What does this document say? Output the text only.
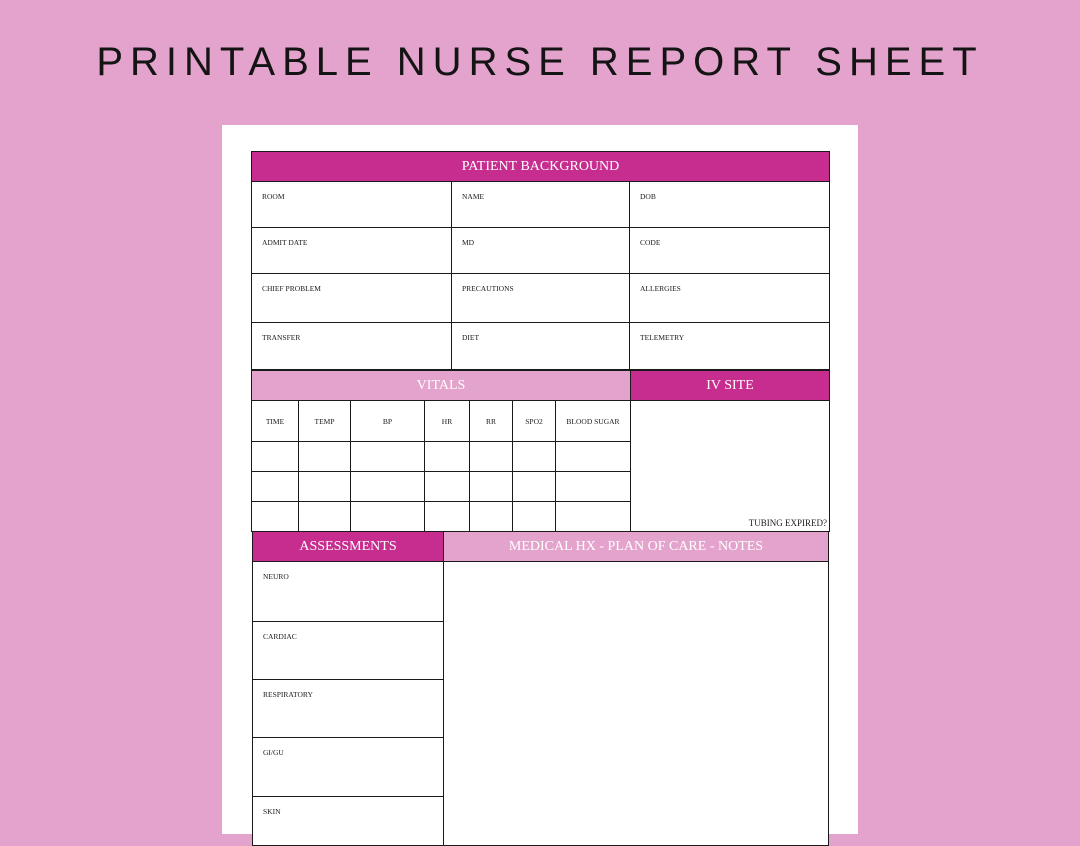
PRINTABLE NURSE REPORT SHEET
PATIENT BACKGROUND
ROOM	NAME	DOB
ADMIT DATE	MD	CODE
CHIEF PROBLEM	PRECAUTIONS	ALLERGIES
TRANSFER	DIET	TELEMETRY
VITALS	IV SITE
TIME	TEMP	BP	HR	RR	SPO2	BLOOD SUGAR
TUBING EXPIRED?
ASSESSMENTS	MEDICAL HX - PLAN OF CARE - NOTES
NEURO
CARDIAC
RESPIRATORY
GI/GU
SKIN
